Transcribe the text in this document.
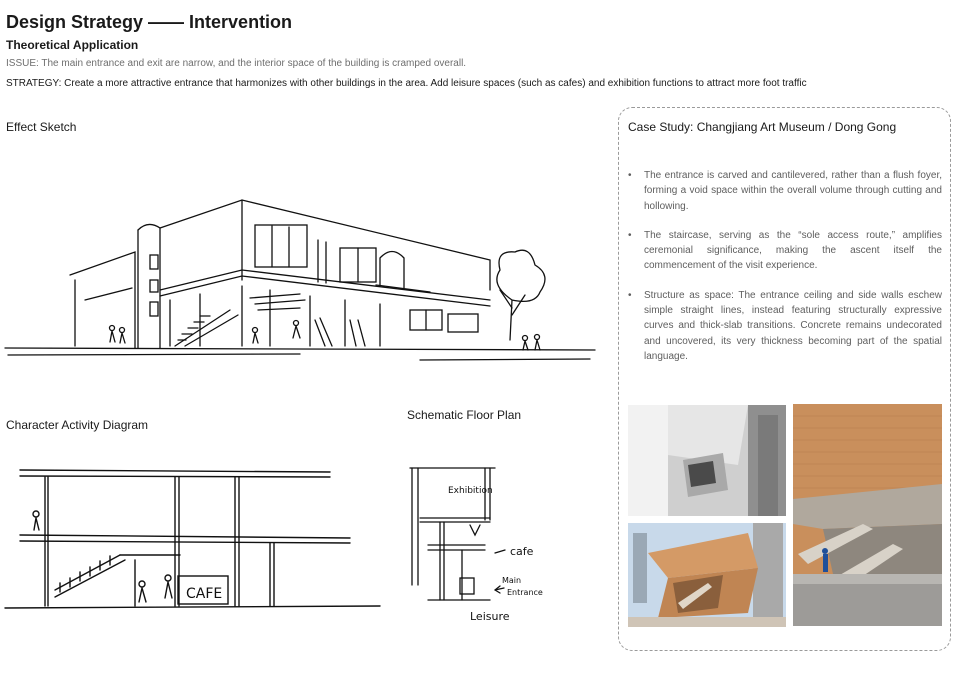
Design Strategy —— Intervention
Theoretical Application
ISSUE: The main entrance and exit are narrow, and the interior space of the building is cramped overall.
STRATEGY: Create a more attractive entrance that harmonizes with other buildings in the area. Add leisure spaces (such as cafes) and exhibition functions to attract more foot traffic
Effect Sketch
Character Activity Diagram
CAFE
Schematic Floor Plan
Exhibition
cafe
Main
Entrance
Leisure
Case Study: Changjiang Art Museum / Dong Gong
• The entrance is carved and cantilevered, rather than a flush foyer, forming a void space within the overall volume through cutting and hollowing.
• The staircase, serving as the “sole access route,” amplifies ceremonial significance, making the ascent itself the commencement of the visit experience.
• Structure as space: The entrance ceiling and side walls eschew simple straight lines, instead featuring structurally expressive curves and thick-slab transitions. Concrete remains undecorated and uncovered, its very thickness becoming part of the spatial language.
